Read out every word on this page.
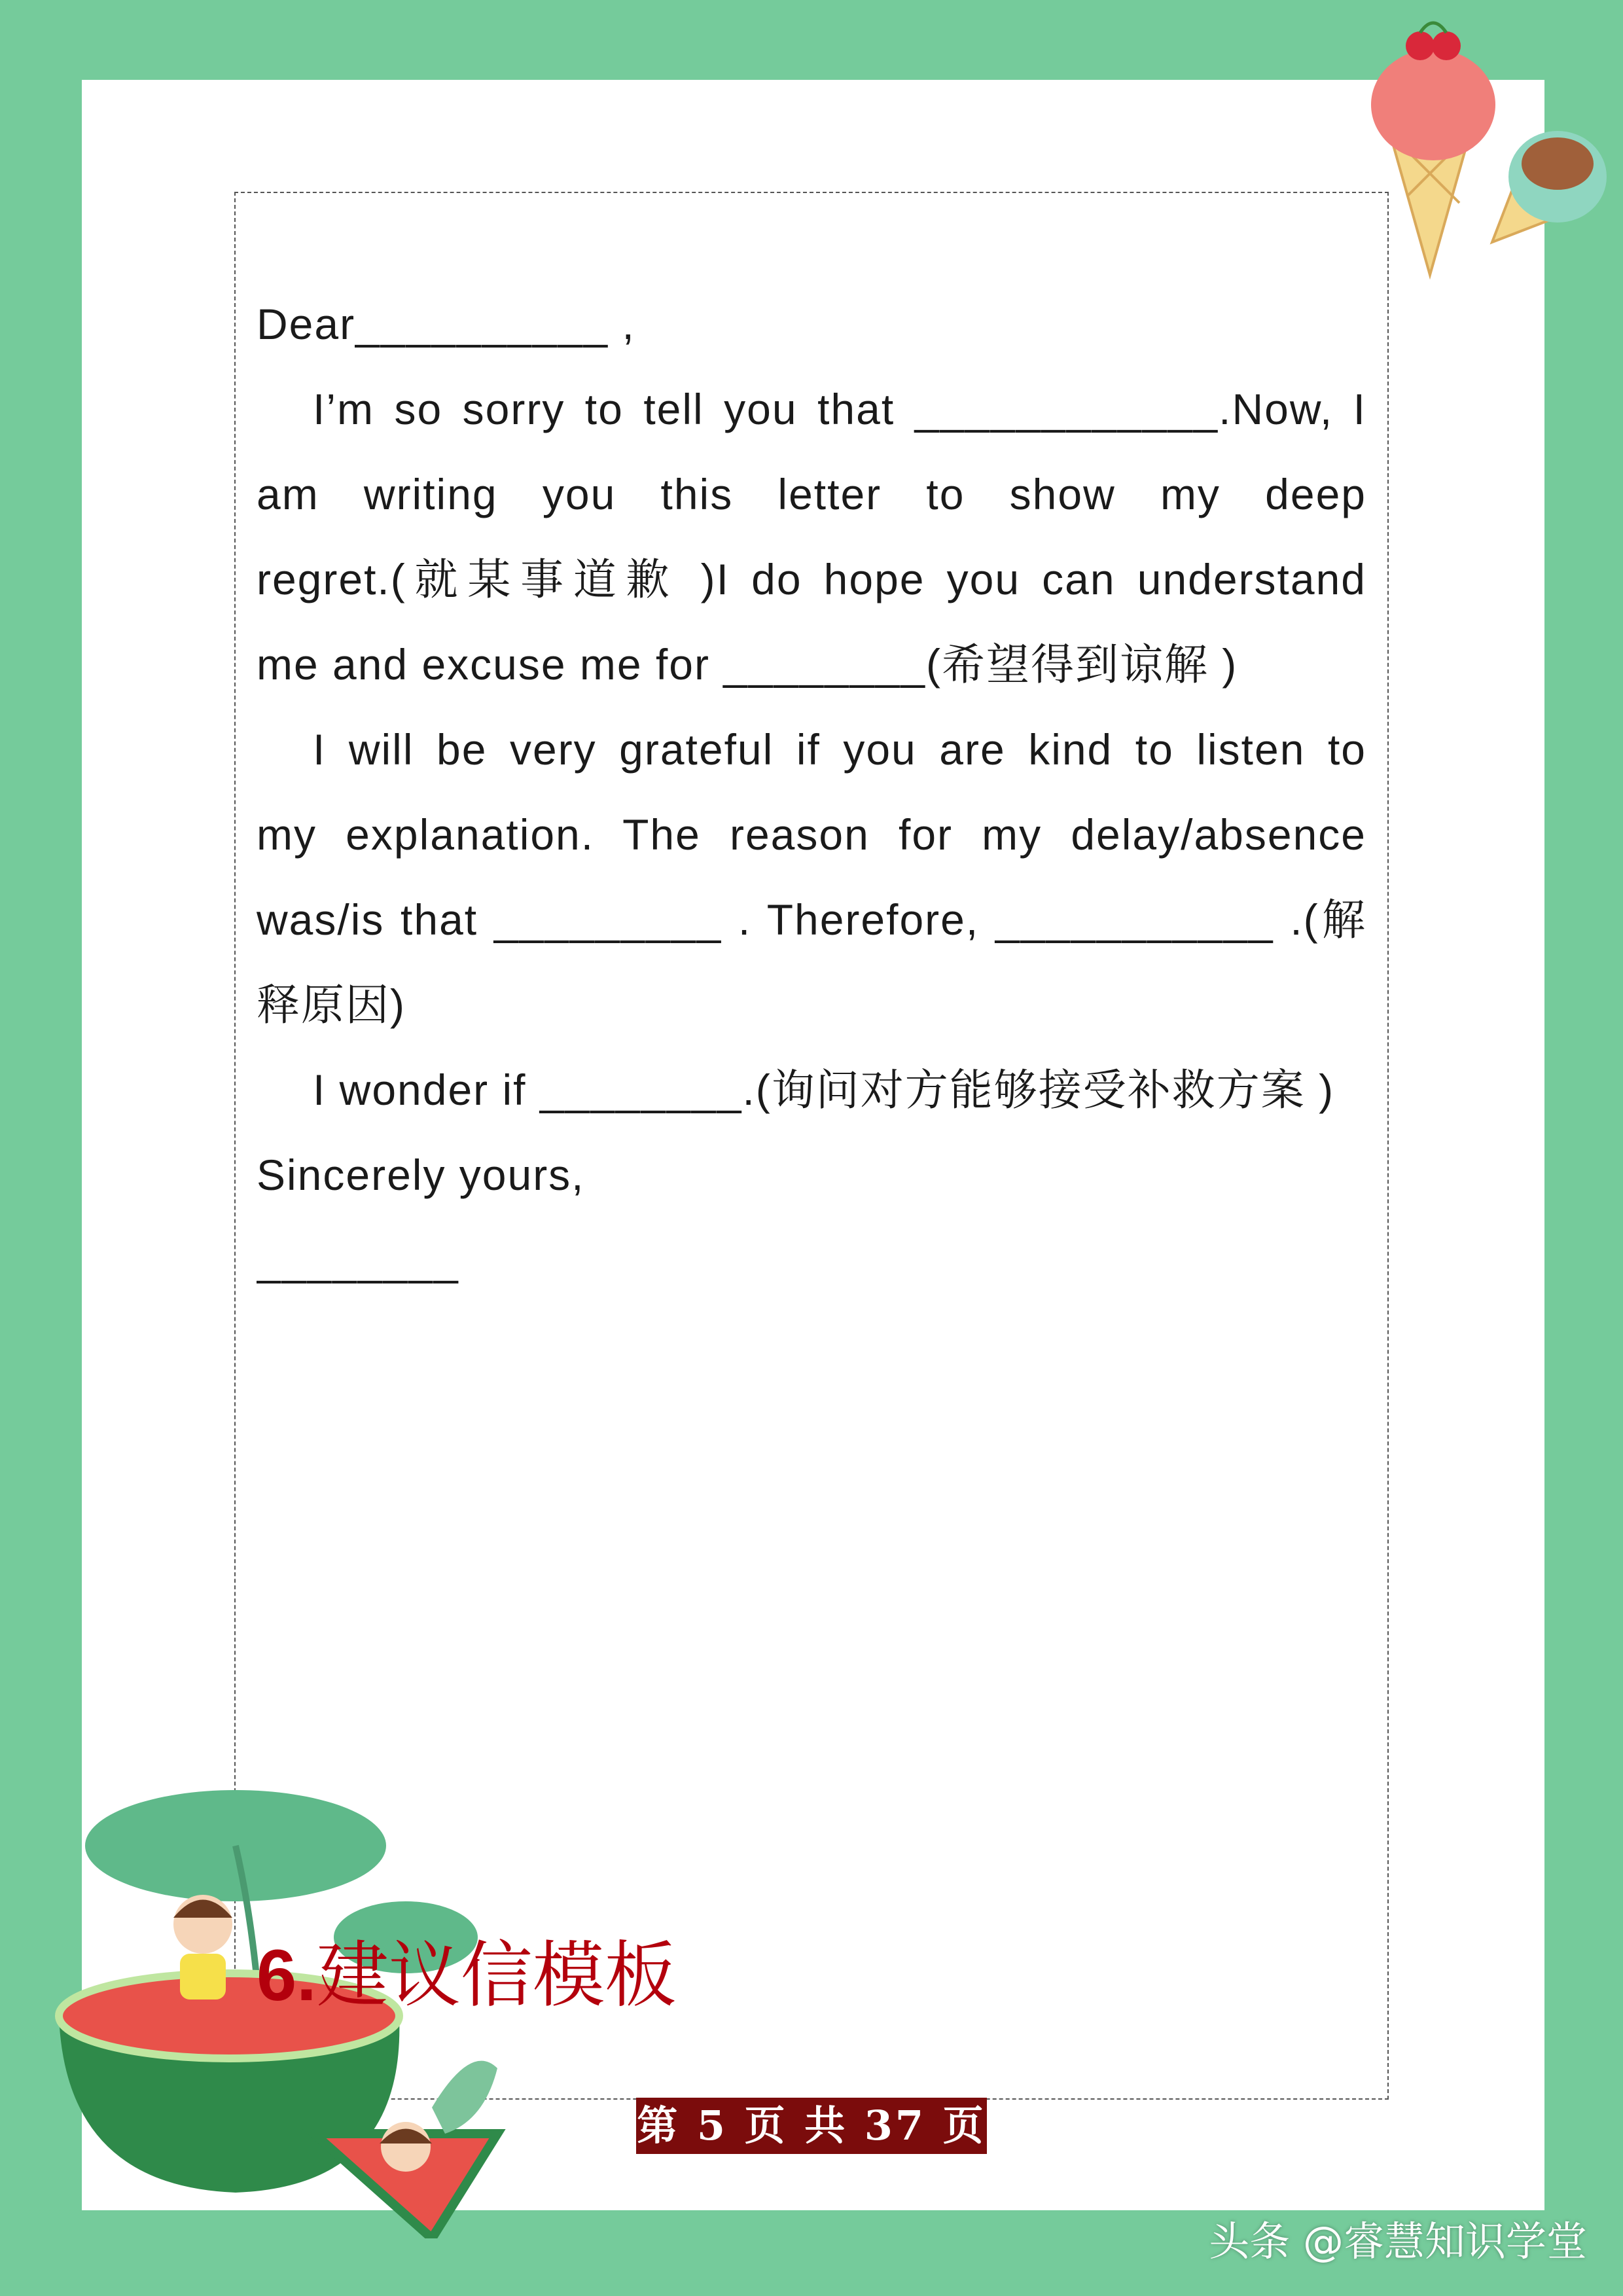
Dear__________ ,
I’m so sorry to tell you that ____________.Now, I
am writing you this letter to show my deep
regret.(就某事道歉 )I do hope you can understand
me and excuse me for ________(希望得到谅解 )
I will be very grateful if you are kind to listen to
my explanation. The reason for my delay/absence
was/is that _________ . Therefore, ___________ .(解
释原因)
I wonder if ________.(询问对方能够接受补救方案 )
Sincerely yours,
________
6.建议信模板
第 5 页 共 37 页
头条 @睿慧知识学堂
